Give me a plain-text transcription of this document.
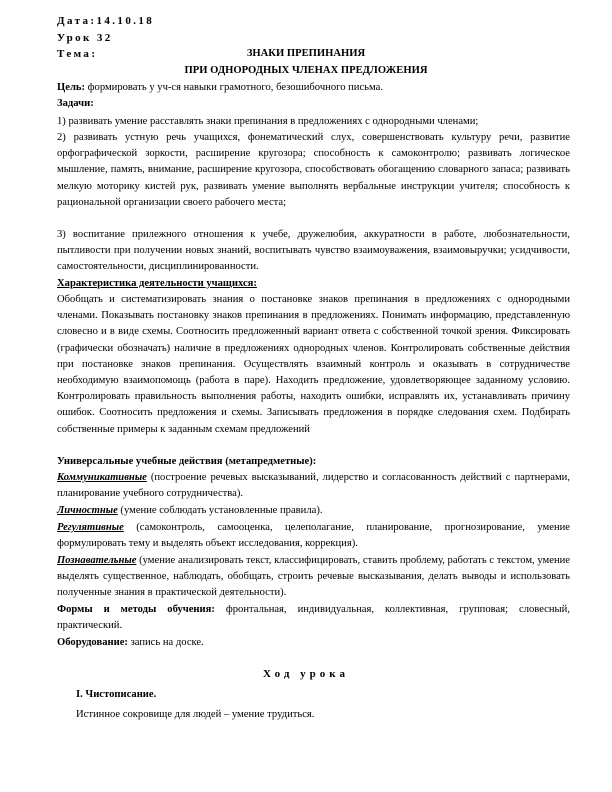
Дата:14.10.18
Урок 32
Тема:	ЗНАКИ ПРЕПИНАНИЯ
ПРИ ОДНОРОДНЫХ ЧЛЕНАХ ПРЕДЛОЖЕНИЯ
Цель: формировать у уч-ся навыки грамотного, безошибочного письма.
Задачи:
1) развивать умение расставлять знаки препинания в предложениях с однородными членами;
2) развивать устную речь учащихся, фонематический слух, совершенствовать культуру речи, развитие орфографической зоркости, расширение кругозора; способность к самоконтролю; развивать логическое мышление, память, внимание, расширение кругозора, способствовать обогащению словарного запаса; развивать мелкую моторику кистей рук, развивать умение выполнять вербальные инструкции учителя; способность к рациональной организации своего рабочего места;
3) воспитание прилежного отношения к учебе, дружелюбия, аккуратности в работе, любознательности, пытливости при получении новых знаний, воспитывать чувство взаимоуважения, взаимовыручки; усидчивости, самостоятельности, дисциплинированности.
Характеристика деятельности учащихся:
Обобщать и систематизировать знания о постановке знаков препинания в предложениях с однородными членами. Показывать постановку знаков препинания в предложениях. Понимать информацию, представленную словесно и в виде схемы. Соотносить предложенный вариант ответа с собственной точкой зрения. Фиксировать (графически обозначать) наличие в предложениях однородных членов. Контролировать собственные действия при постановке знаков препинания. Осуществлять взаимный контроль и оказывать в сотрудничестве необходимую взаимопомощь (работа в паре). Находить предложение, удовлетворяющее заданному условию. Контролировать правильность выполнения работы, находить ошибки, исправлять их, устанавливать причину ошибок. Соотносить предложения и схемы. Записывать предложения в порядке следования схем. Подбирать собственные примеры к заданным схемам предложений
Универсальные учебные действия (метапредметные):
Коммуникативные (построение речевых высказываний, лидерство и согласованность действий с партнерами, планирование учебного сотрудничества).
Личностные (умение соблюдать установленные правила).
Регулятивные (самоконтроль, самооценка, целеполагание, планирование, прогнозирование, умение формулировать тему и выделять объект исследования, коррекция).
Познавательные (умение анализировать текст, классифицировать, ставить проблему, работать с текстом, умение выделять существенное, наблюдать, обобщать, строить речевые высказывания, делать выводы и использовать полученные знания в практической деятельности).
Формы и методы обучения: фронтальная, индивидуальная, коллективная, групповая; словесный, практический.
Оборудование: запись на доске.
Ход урока
I. Чистописание.
Истинное сокровище для людей – умение трудиться.
